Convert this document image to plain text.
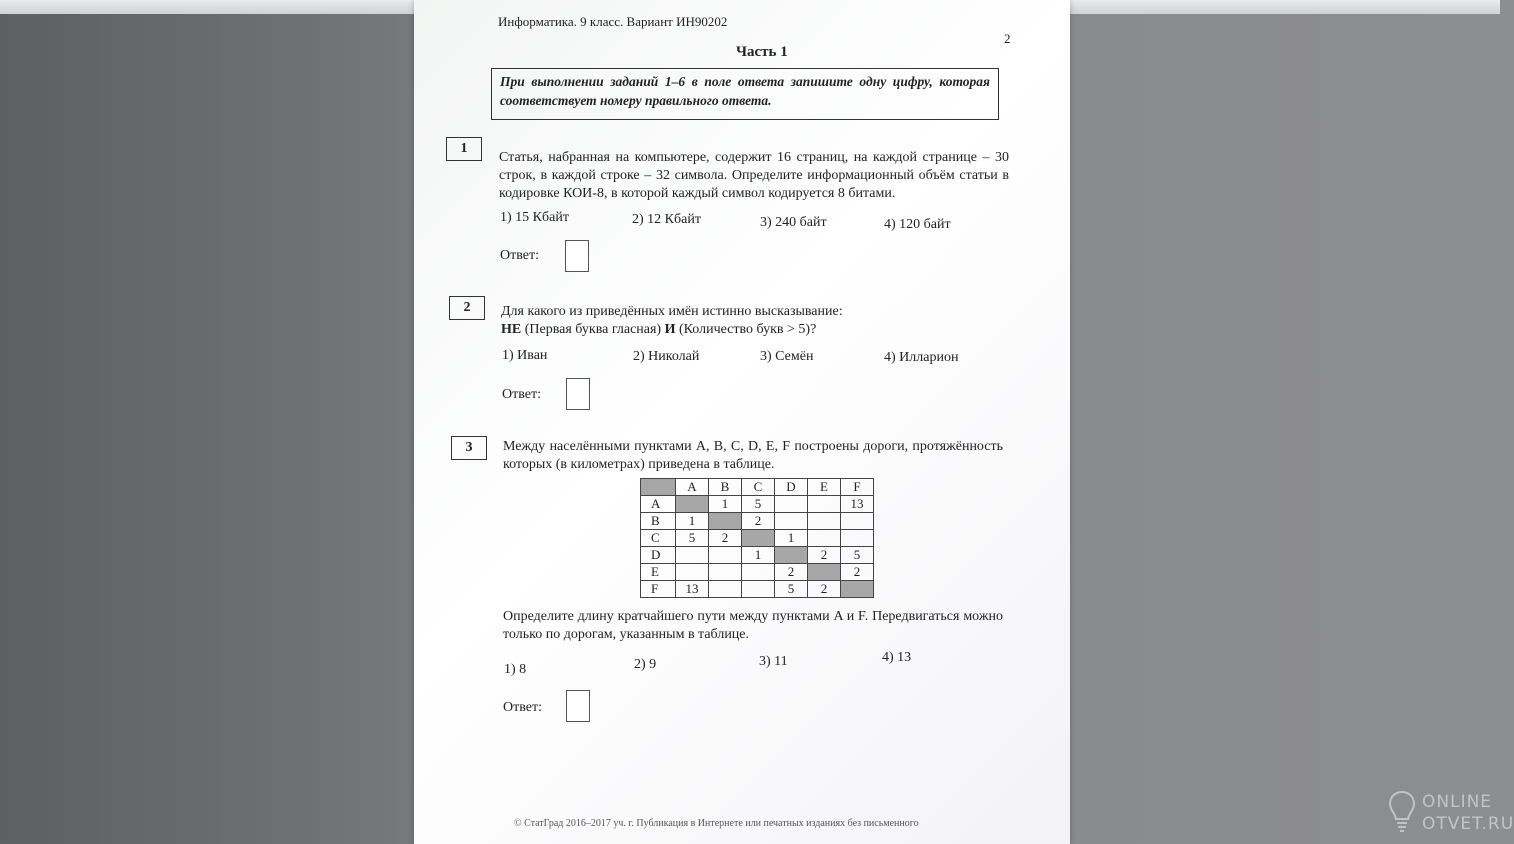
Информатика. 9 класс. Вариант ИН90202
2
Часть 1
При выполнении заданий 1–6 в поле ответа запишите одну цифру, которая соответствует номеру правильного ответа.
1
Статья, набранная на компьютере, содержит 16 страниц, на каждой странице – 30 строк, в каждой строке – 32 символа. Определите информационный объём статьи в кодировке КОИ-8, в которой каждый символ кодируется 8 битами.
1) 15 Кбайт	2) 12 Кбайт	3) 240 байт	4) 120 байт
Ответ:
2	Для какого из приведённых имён истинно высказывание:
НЕ (Первая буква гласная) И (Количество букв > 5)?
1) Иван	2) Николай	3) Семён	4) Илларион
Ответ:
3	Между населёнными пунктами A, B, C, D, E, F построены дороги, протяжённость которых (в километрах) приведена в таблице.
	A	B	C	D	E	F
A		1	5			13
B	1		2			
C	5	2		1		
D			1		2	5
E				2		2
F	13			5	2	
Определите длину кратчайшего пути между пунктами A и F. Передвигаться можно только по дорогам, указанным в таблице.
1) 8	2) 9	3) 11	4) 13
Ответ:
© СтатГрад 2016–2017 уч. г. Публикация в Интернете или печатных изданиях без письменного
ONLINE
OTVET.RU
